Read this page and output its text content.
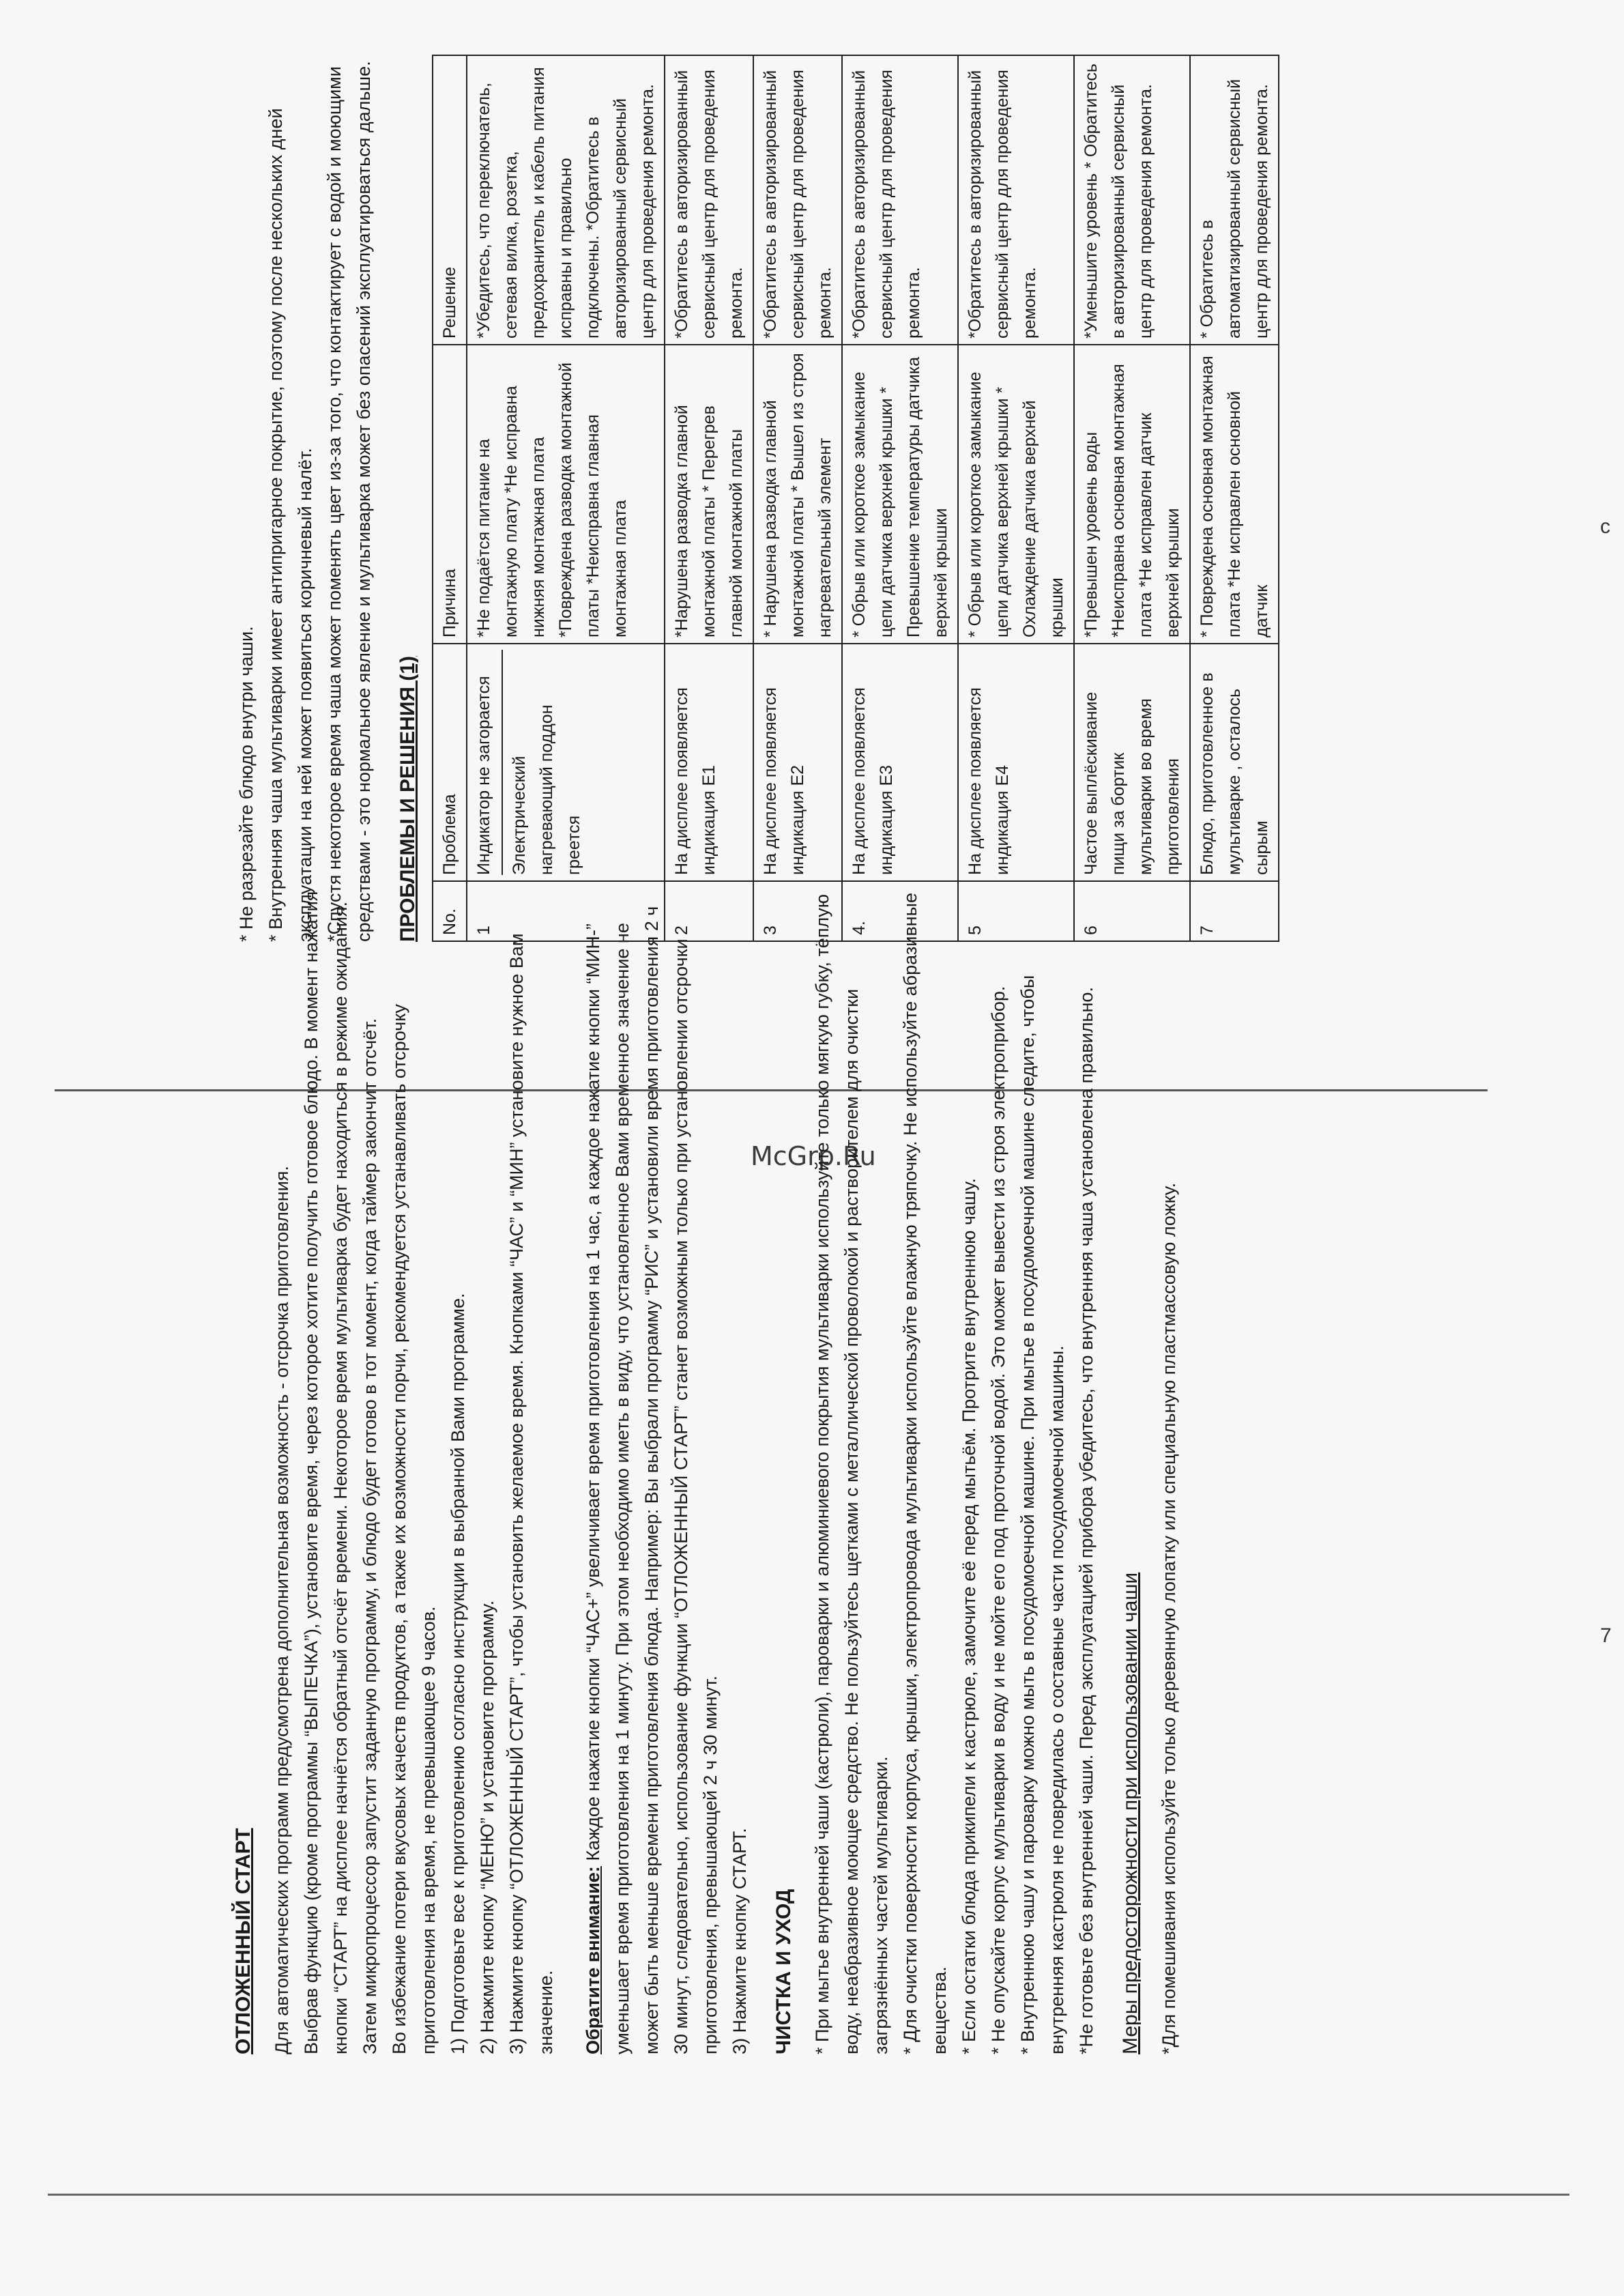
McGrp.Ru
7
с
ОТЛОЖЕННЫЙ СТАРТ Для автоматических программ предусмотрена дополнительная возможность - отсрочка приготовления. Выбрав функцию (кроме программы “ВЫПЕЧКА”), установите время, через которое хотите получить готовое блюдо. В момент нажатия кнопки “СТАРТ” на дисплее начнётся обратный отсчёт времени. Некоторое время мультиварка будет находиться в режиме ожидания. Затем микропроцессор запустит заданную программу, и блюдо будет готово в тот момент, когда таймер закончит отсчёт. Во избежание потери вкусовых качеств продуктов, а также их возможности порчи, рекомендуется устанавливать отсрочку приготовления на время, не превышающее 9 часов. 1) Подготовьте все к приготовлению согласно инструкции в выбранной Вами программе. 2) Нажмите кнопку “МЕНЮ” и установите программу. 3) Нажмите кнопку “ОТЛОЖЕННЫЙ СТАРТ”, чтобы установить желаемое время. Кнопками “ЧАС” и “МИН” установите нужное Вам значение. Обратите внимание: Каждое нажатие кнопки “ЧАС+” увеличивает время приготовления на 1 час, а каждое нажатие кнопки “МИН-” уменьшает время приготовления на 1 минуту. При этом необходимо иметь в виду, что установленное Вами временное значение не может быть меньше времени приготовления блюда. Например: Вы выбрали программу “РИС” и установили время приготовления 2 ч 30 минут, следовательно, использование функции “ОТЛОЖЕННЫЙ СТАРТ” станет возможным только при установлении отсрочки приготовления, превышающей 2 ч 30 минут. 3) Нажмите кнопку СТАРТ. ЧИСТКА И УХОД * При мытье внутренней чаши (кастрюли), пароварки и алюминиевого покрытия мультиварки используйте только мягкую губку, тёплую воду, неабразивное моющее средство. Не пользуйтесь щетками с металлической проволокой и растворителем для очистки загрязнённых частей мультиварки. * Для очистки поверхности корпуса, крышки, электропровода мультиварки используйте влажную тряпочку. Не используйте абразивные веществa. * Если остатки блюда прикипели к кастрюле, замочите её перед мытьём. Протрите внутреннюю чашу. * Не опускайте корпус мультиварки в воду и не мойте его под проточной водой. Это может вывести из строя электроприбор. * Внутреннюю чашу и пароварку можно мыть в посудомоечной машине. При мытье в посудомоечной машине следите, чтобы внутренняя кастрюля не повредилась о составные части посудомоечной машины. *Не готовьте без внутренней чаши. Перед эксплуатацией прибора убедитесь, что внутренняя чаша установлена правильно. Меры предосторожности при использовании чаши *Для помешивания используйте только деревянную лопатку или специальную пластмассовую ложку.

* Не разрезайте блюдо внутри чаши. * Внутренняя чаша мультиварки имеет антипригарное покрытие, поэтому после нескольких дней эксплуатации на ней может появиться коричневый налёт. *Спустя некоторое время чаша может поменять цвет из-за того, что контактирует с водой и моющими средствами - это нормальное явление и мультиварка может без опасений эксплуатироваться дальше. ПРОБЛЕМЫ И РЕШЕНИЯ (1) No.	Проблема	Причина	Решение
1	Индикатор не загорается Электрический нагревающий поддон греется	*Не подаётся питание на монтажную плату *Не исправна нижняя монтажная плата *Повреждена разводка монтажной платы *Неисправна главная монтажная плата	*Убедитесь, что переключатель, сетевая вилка, розетка, предохранитель и кабель питания исправны и правильно подключены. *Обратитесь в авторизированный сервисный центр для проведения ремонта.
2	На дисплее появляется индикация E1	*Нарушена разводка главной монтажной платы * Перегрев главной монтажной платы	*Обратитесь в авторизированный сервисный центр для проведения ремонта.
3	На дисплее появляется индикация E2	* Нарушена разводка главной монтажной платы * Вышел из строя нагревательный элемент	*Обратитесь в авторизированный сервисный центр для проведения ремонта.
4.	На дисплее появляется индикация E3	* Обрыв или короткое замыкание цепи датчика верхней крышки * Превышение температуры датчика верхней крышки	*Обратитесь в авторизированный сервисный центр для проведения ремонта.
5	На дисплее появляется индикация E4	* Обрыв или короткое замыкание цепи датчика верхней крышки * Охлаждение датчика верхней крышки	*Обратитесь в авторизированный сервисный центр для проведения ремонта.
6	Частое выплёскивание пищи за бортик мультиварки во время приготовления	*Превышен уровень воды *Неисправна основная монтажная плата *Не исправлен датчик верхней крышки	*Уменьшите уровень * Обратитесь в авторизированный сервисный центр для проведения ремонта.
7	Блюдо, приготовленное в мультиварке , осталось сырым	* Повреждена основная монтажная плата *Не исправлен основной датчик	* Обратитесь в автоматизированный сервисный центр для проведения ремонта.
